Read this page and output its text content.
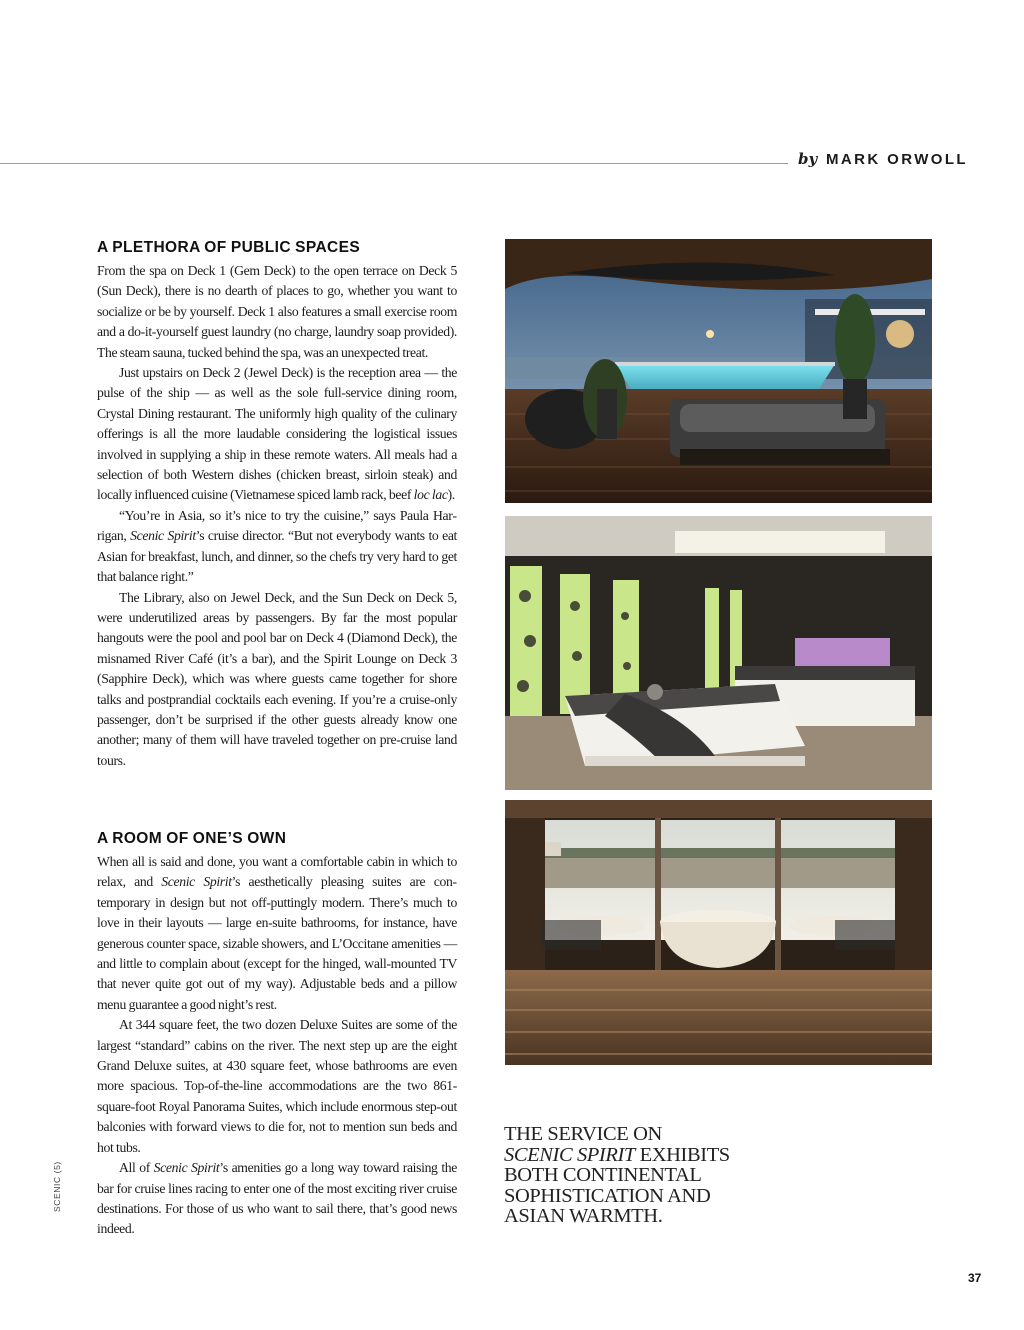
by MARK ORWOLL
A PLETHORA OF PUBLIC SPACES

From the spa on Deck 1 (Gem Deck) to the open terrace on Deck 5 (Sun Deck), there is no dearth of places to go, whether you want to socialize or be by yourself. Deck 1 also features a small exercise room and a do-it-yourself guest laundry (no charge, laundry soap provided). The steam sauna, tucked behind the spa, was an unexpected treat.

Just upstairs on Deck 2 (Jewel Deck) is the reception area — the pulse of the ship — as well as the sole full-service dining room, Crystal Dining restaurant. The uniformly high quality of the culinary offerings is all the more laudable considering the logistical issues involved in supplying a ship in these remote waters. All meals had a selection of both Western dishes (chicken breast, sirloin steak) and locally influenced cuisine (Vietnamese spiced lamb rack, beef loc lac).

“You’re in Asia, so it’s nice to try the cuisine,” says Paula Harrigan, Scenic Spirit’s cruise director. “But not everybody wants to eat Asian for breakfast, lunch, and dinner, so the chefs try very hard to get that balance right.”

The Library, also on Jewel Deck, and the Sun Deck on Deck 5, were underutilized areas by passengers. By far the most popular hangouts were the pool and pool bar on Deck 4 (Diamond Deck), the misnamed River Café (it’s a bar), and the Spirit Lounge on Deck 3 (Sapphire Deck), which was where guests came together for shore talks and postprandial cocktails each evening. If you’re a cruise-only passenger, don’t be surprised if the other guests already know one another; many of them will have traveled together on pre-cruise land tours.

A ROOM OF ONE’S OWN

When all is said and done, you want a comfortable cabin in which to relax, and Scenic Spirit’s aesthetically pleasing suites are contemporary in design but not off-puttingly modern. There’s much to love in their layouts — large en-suite bathrooms, for instance, have generous counter space, sizable showers, and L’Occitane amenities — and little to complain about (except for the hinged, wall-mounted TV that never quite got out of my way). Adjustable beds and a pillow menu guarantee a good night’s rest.

At 344 square feet, the two dozen Deluxe Suites are some of the largest “standard” cabins on the river. The next step up are the eight Grand Deluxe suites, at 430 square feet, whose bathrooms are even more spacious. Top-of-the-line accommodations are the two 861-square-foot Royal Panorama Suites, which include enormous step-out balconies with forward views to die for, not to mention sun beds and hot tubs.

All of Scenic Spirit’s amenities go a long way toward raising the bar for cruise lines racing to enter one of the most exciting river cruise destinations. For those of us who want to sail there, that’s good news indeed.

THE SERVICE ON
SCENIC SPIRIT EXHIBITS
BOTH CONTINENTAL
SOPHISTICATION AND
ASIAN WARMTH.
SCENIC (5)
37
